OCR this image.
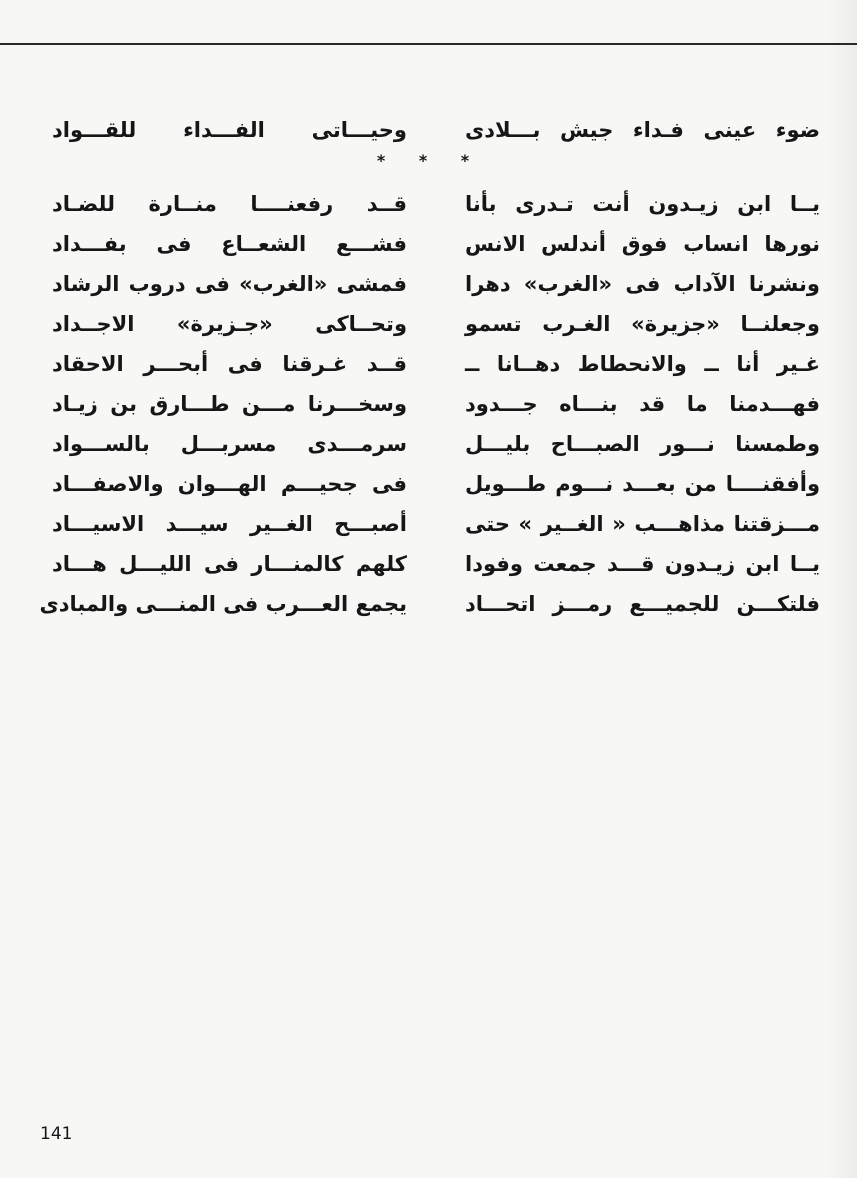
ضوء عينى فـداء جيش بـــلادى
وحيـــاتى الفـــداء للقـــواد
* * *
يــا ابن زيـدون أنت تـدرى بأنا
قــد رفعنــــا منــارة للضـاد
نورها انساب فوق أندلس الانس
فشـــع الشعــاع فى بفـــداد
ونشرنا الآداب فى «الغرب» دهرا
فمشى «الغرب» فى دروب الرشاد
وجعلنــا «جزيرة» الغـرب تسمو
وتحــاكى «جـزيرة» الاجــداد
غـير أنا ــ والانحطاط دهــانا ــ
قــد غـرقنا فى أبحـــر الاحقاد
فهـــدمنا ما قد بنـــاه جـــدود
وسخـــرنا مـــن طـــارق بن زيـاد
وطمسنا نـــور الصبـــاح بليـــل
سرمـــدى مسربـــل بالســـواد
وأفقنــــا من بعـــد نـــوم طـــويل
فى جحيـــم الهـــوان والاصفـــاد
مـــزقتنا مذاهـــب « الغــير » حتى
أصبـــح الغــير سيـــد الاسيـــاد
يــا ابن زيـدون قـــد جمعت وفودا
كلهم كالمنـــار فى الليـــل هـــاد
فلتكـــن للجميـــع رمـــز اتحـــاد
يجمع العـــرب فى المنـــى والمبادى
141
